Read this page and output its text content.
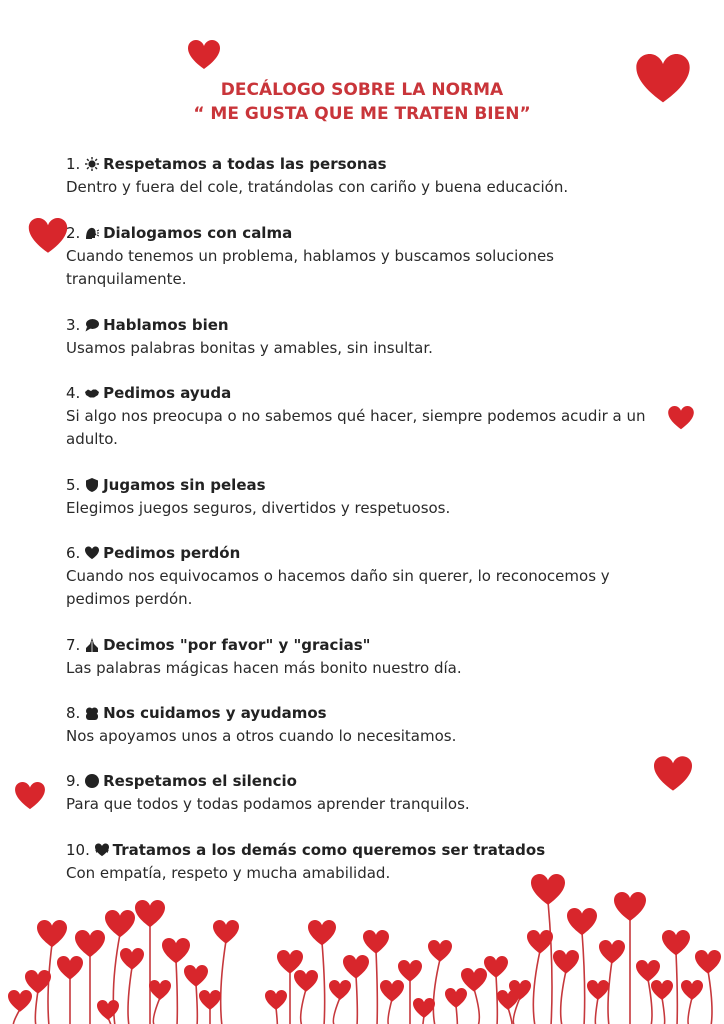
DECÁLOGO SOBRE LA NORMA
“ ME GUSTA QUE ME TRATEN BIEN”
1. Respetamos a todas las personas
Dentro y fuera del cole, tratándolas con cariño y buena educación.
2. Dialogamos con calma
Cuando tenemos un problema, hablamos y buscamos soluciones tranquilamente.
3. Hablamos bien
Usamos palabras bonitas y amables, sin insultar.
4. Pedimos ayuda
Si algo nos preocupa o no sabemos qué hacer, siempre podemos acudir a un adulto.
5. Jugamos sin peleas
Elegimos juegos seguros, divertidos y respetuosos.
6. Pedimos perdón
Cuando nos equivocamos o hacemos daño sin querer, lo reconocemos y pedimos perdón.
7. Decimos "por favor" y "gracias"
Las palabras mágicas hacen más bonito nuestro día.
8. Nos cuidamos y ayudamos
Nos apoyamos unos a otros cuando lo necesitamos.
9. Respetamos el silencio
Para que todos y todas podamos aprender tranquilos.
10. Tratamos a los demás como queremos ser tratados
Con empatía, respeto y mucha amabilidad.
